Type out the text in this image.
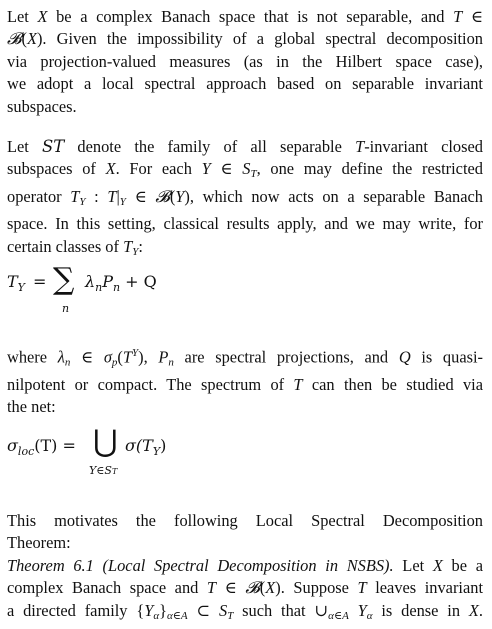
Let X be a complex Banach space that is not separable, and T ∈
𝓑(X). Given the impossibility of a global spectral decomposition
via projection-valued measures (as in the Hilbert space case),
we adopt a local spectral approach based on separable invariant
subspaces.
Let 𝑆𝑇 denote the family of all separable T-invariant closed
subspaces of X. For each Y ∈ ST, one may define the restricted
operator TY : T|Y ∈ 𝓑(Y), which now acts on a separable Banach
space. In this setting, classical results apply, and we may write, for
certain classes of TY:
$T_Y$ = ∑
n
$\lambda_nP_n + Q$
where λn ∈ $\sigma p(T^Y)$, Pn are spectral projections, and Q is quasi-
nilpotent or compact. The spectrum of T can then be studied via
the net:
$\sigma_{loc}(T)$ = ⋃
Y∈ST
$\sigma(T_Y)$
This motivates the following Local Spectral Decomposition
Theorem:
Theorem 6.1 (Local Spectral Decomposition in NSBS). Let X be a
complex Banach space and T ∈ 𝓑(X). Suppose T leaves invariant
a directed family {Yα}α∈A ⊂ ST such that ∪α∈A Yα is dense in X.
